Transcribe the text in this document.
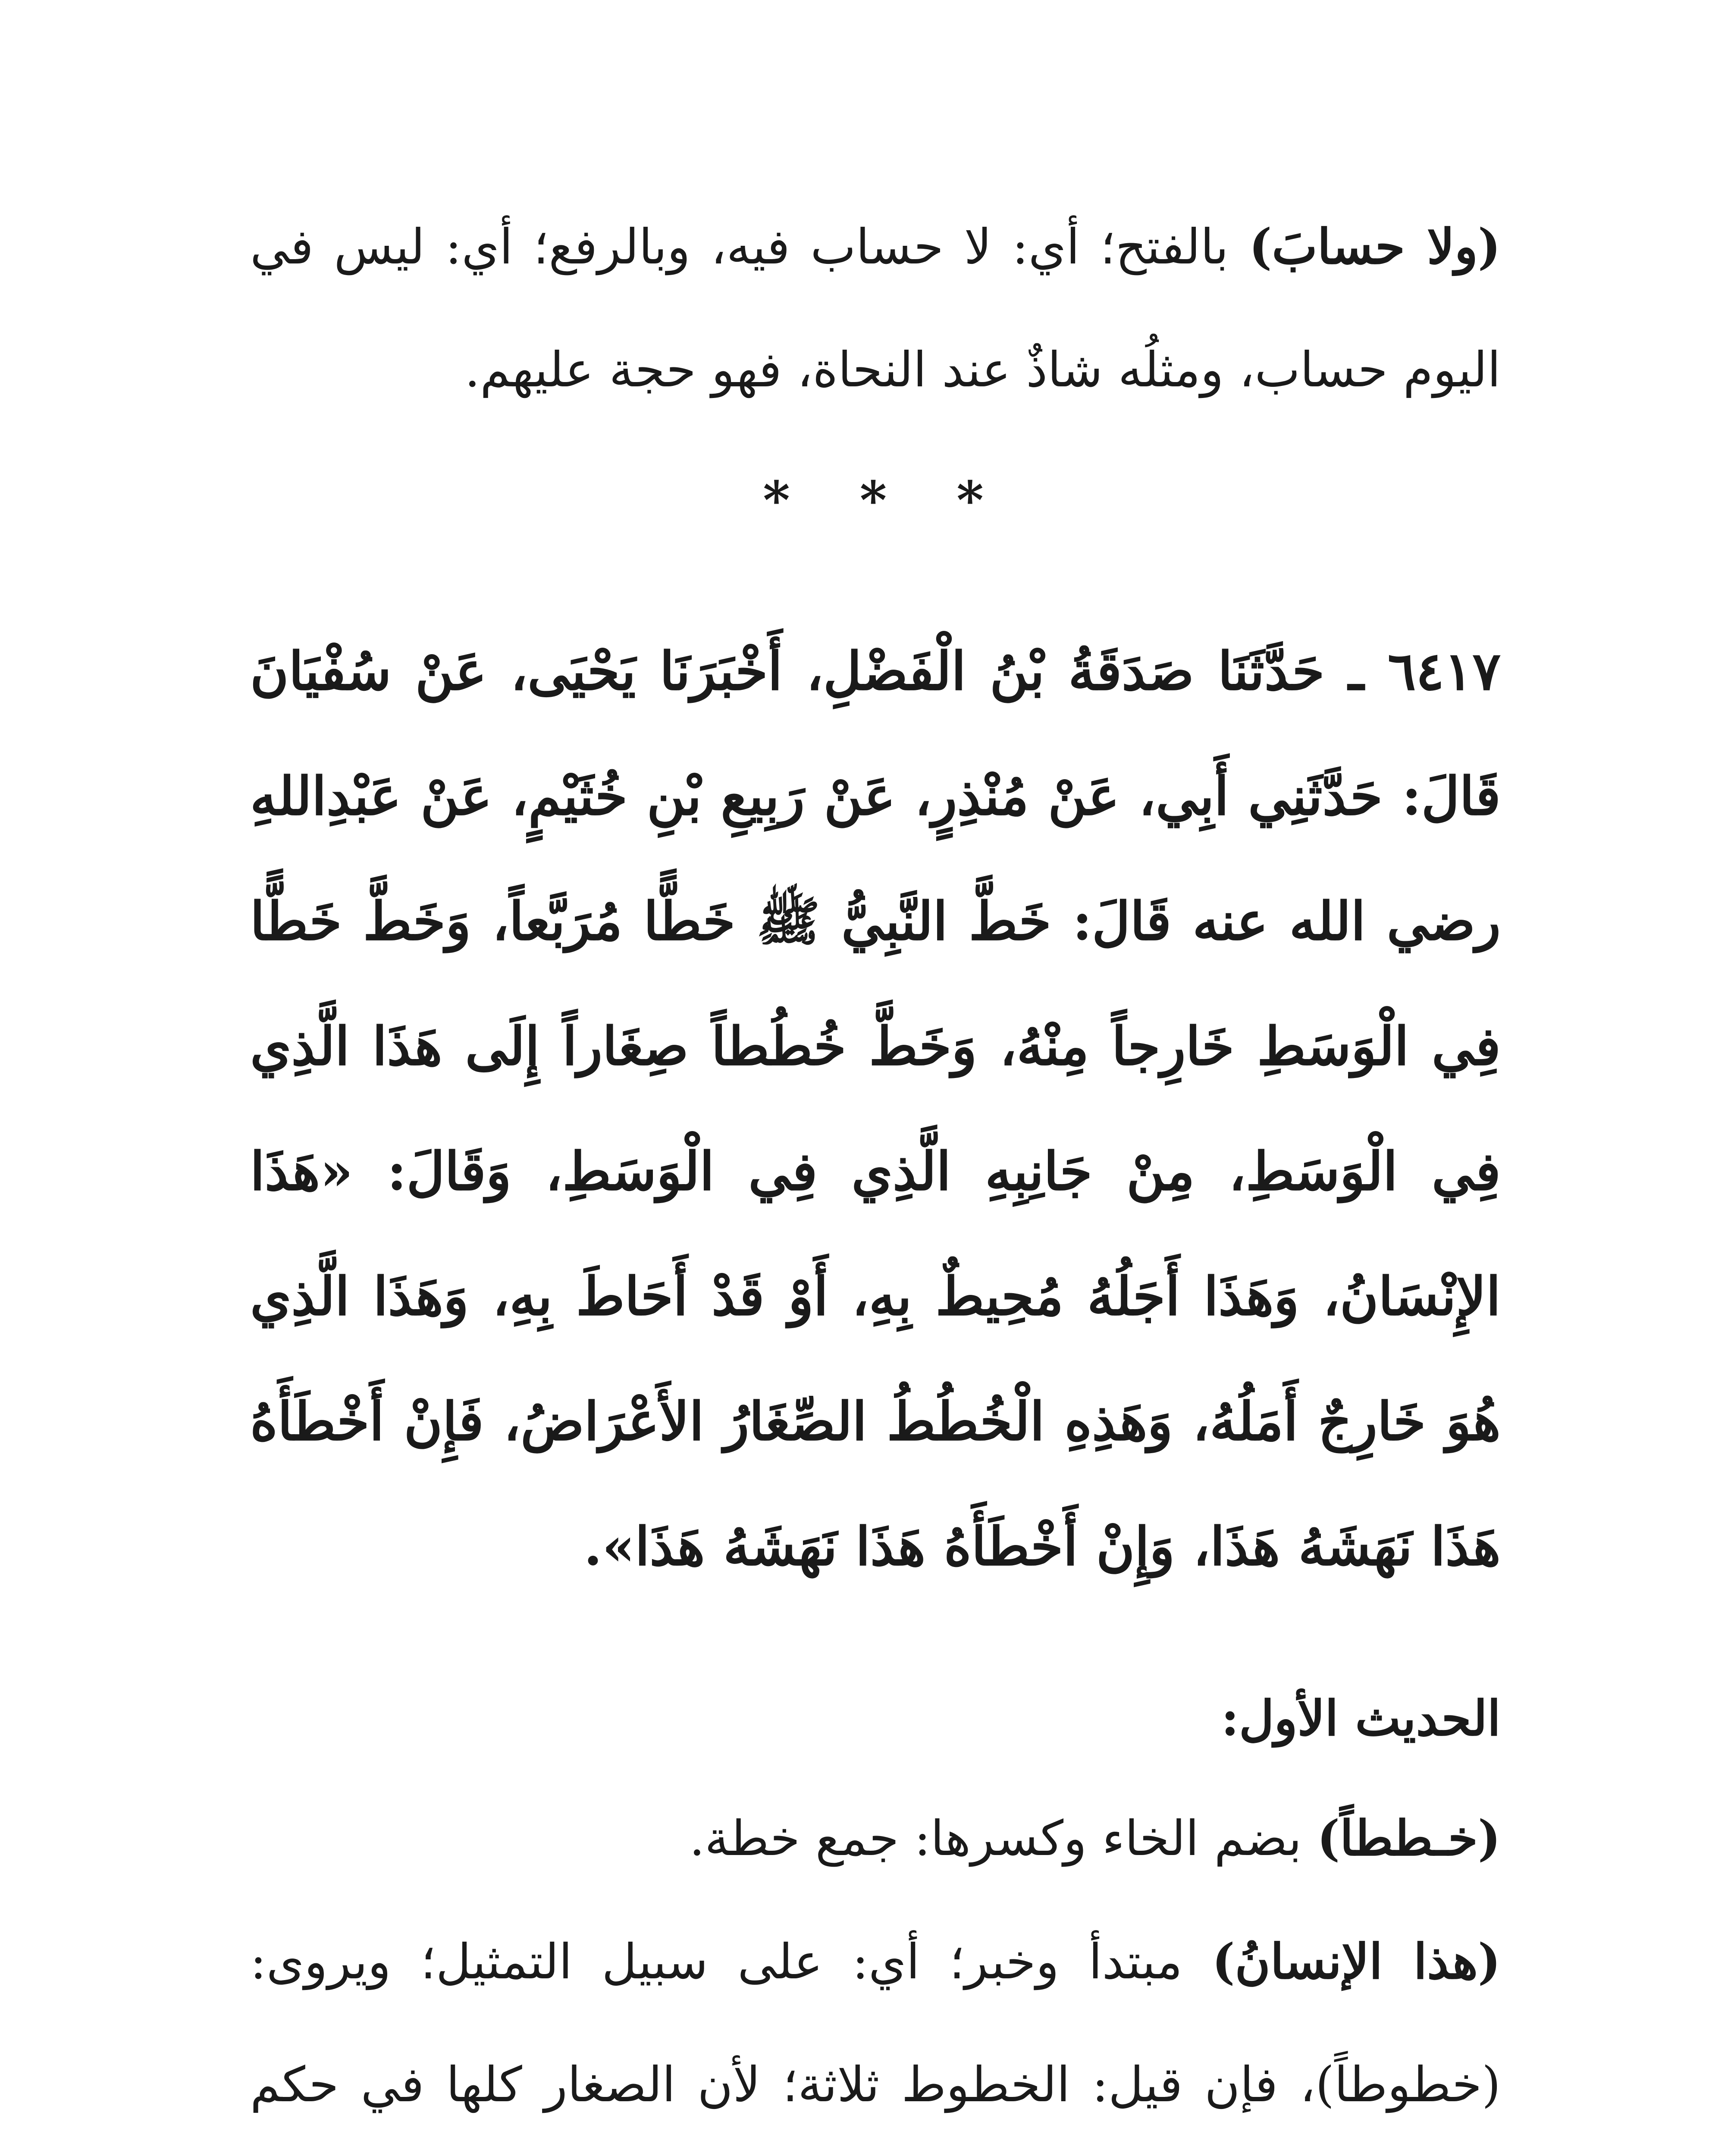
(ولا حسابَ) بالفتح؛ أي: لا حساب فيه، وبالرفع؛ أي: ليس في اليوم حساب، ومثلُه شاذٌ عند النحاة، فهو حجة عليهم.

* * *

٦٤١٧ ـ حَدَّثَنَا صَدَقَةُ بْنُ الْفَضْلِ، أَخْبَرَنَا يَحْيَى، عَنْ سُفْيَانَ قَالَ: حَدَّثَنِي أَبِي، عَنْ مُنْذِرٍ، عَنْ رَبِيعِ بْنِ خُثَيْمٍ، عَنْ عَبْدِاللهِ رضي الله عنه قَالَ: خَطَّ النَّبِيُّ ﷺ خَطًّا مُرَبَّعاً، وَخَطَّ خَطًّا فِي الْوَسَطِ خَارِجاً مِنْهُ، وَخَطَّ خُطُطاً صِغَاراً إِلَى هَذَا الَّذِي فِي الْوَسَطِ، مِنْ جَانِبِهِ الَّذِي فِي الْوَسَطِ، وَقَالَ: «هَذَا الإِنْسَانُ، وَهَذَا أَجَلُهُ مُحِيطٌ بِهِ، أَوْ قَدْ أَحَاطَ بِهِ، وَهَذَا الَّذِي هُوَ خَارِجٌ أَمَلُهُ، وَهَذِهِ الْخُطُطُ الصِّغَارُ الأَعْرَاضُ، فَإِنْ أَخْطَأَهُ هَذَا نَهَشَهُ هَذَا، وَإِنْ أَخْطَأَهُ هَذَا نَهَشَهُ هَذَا».

الحديث الأول:

(خـططاً) بضم الخاء وكسرها: جمع خطة.

(هذا الإنسانُ) مبتدأ وخبر؛ أي: على سبيل التمثيل؛ ويروى: (خطوطاً)، فإن قيل: الخطوط ثلاثة؛ لأن الصغار كلها في حكم
